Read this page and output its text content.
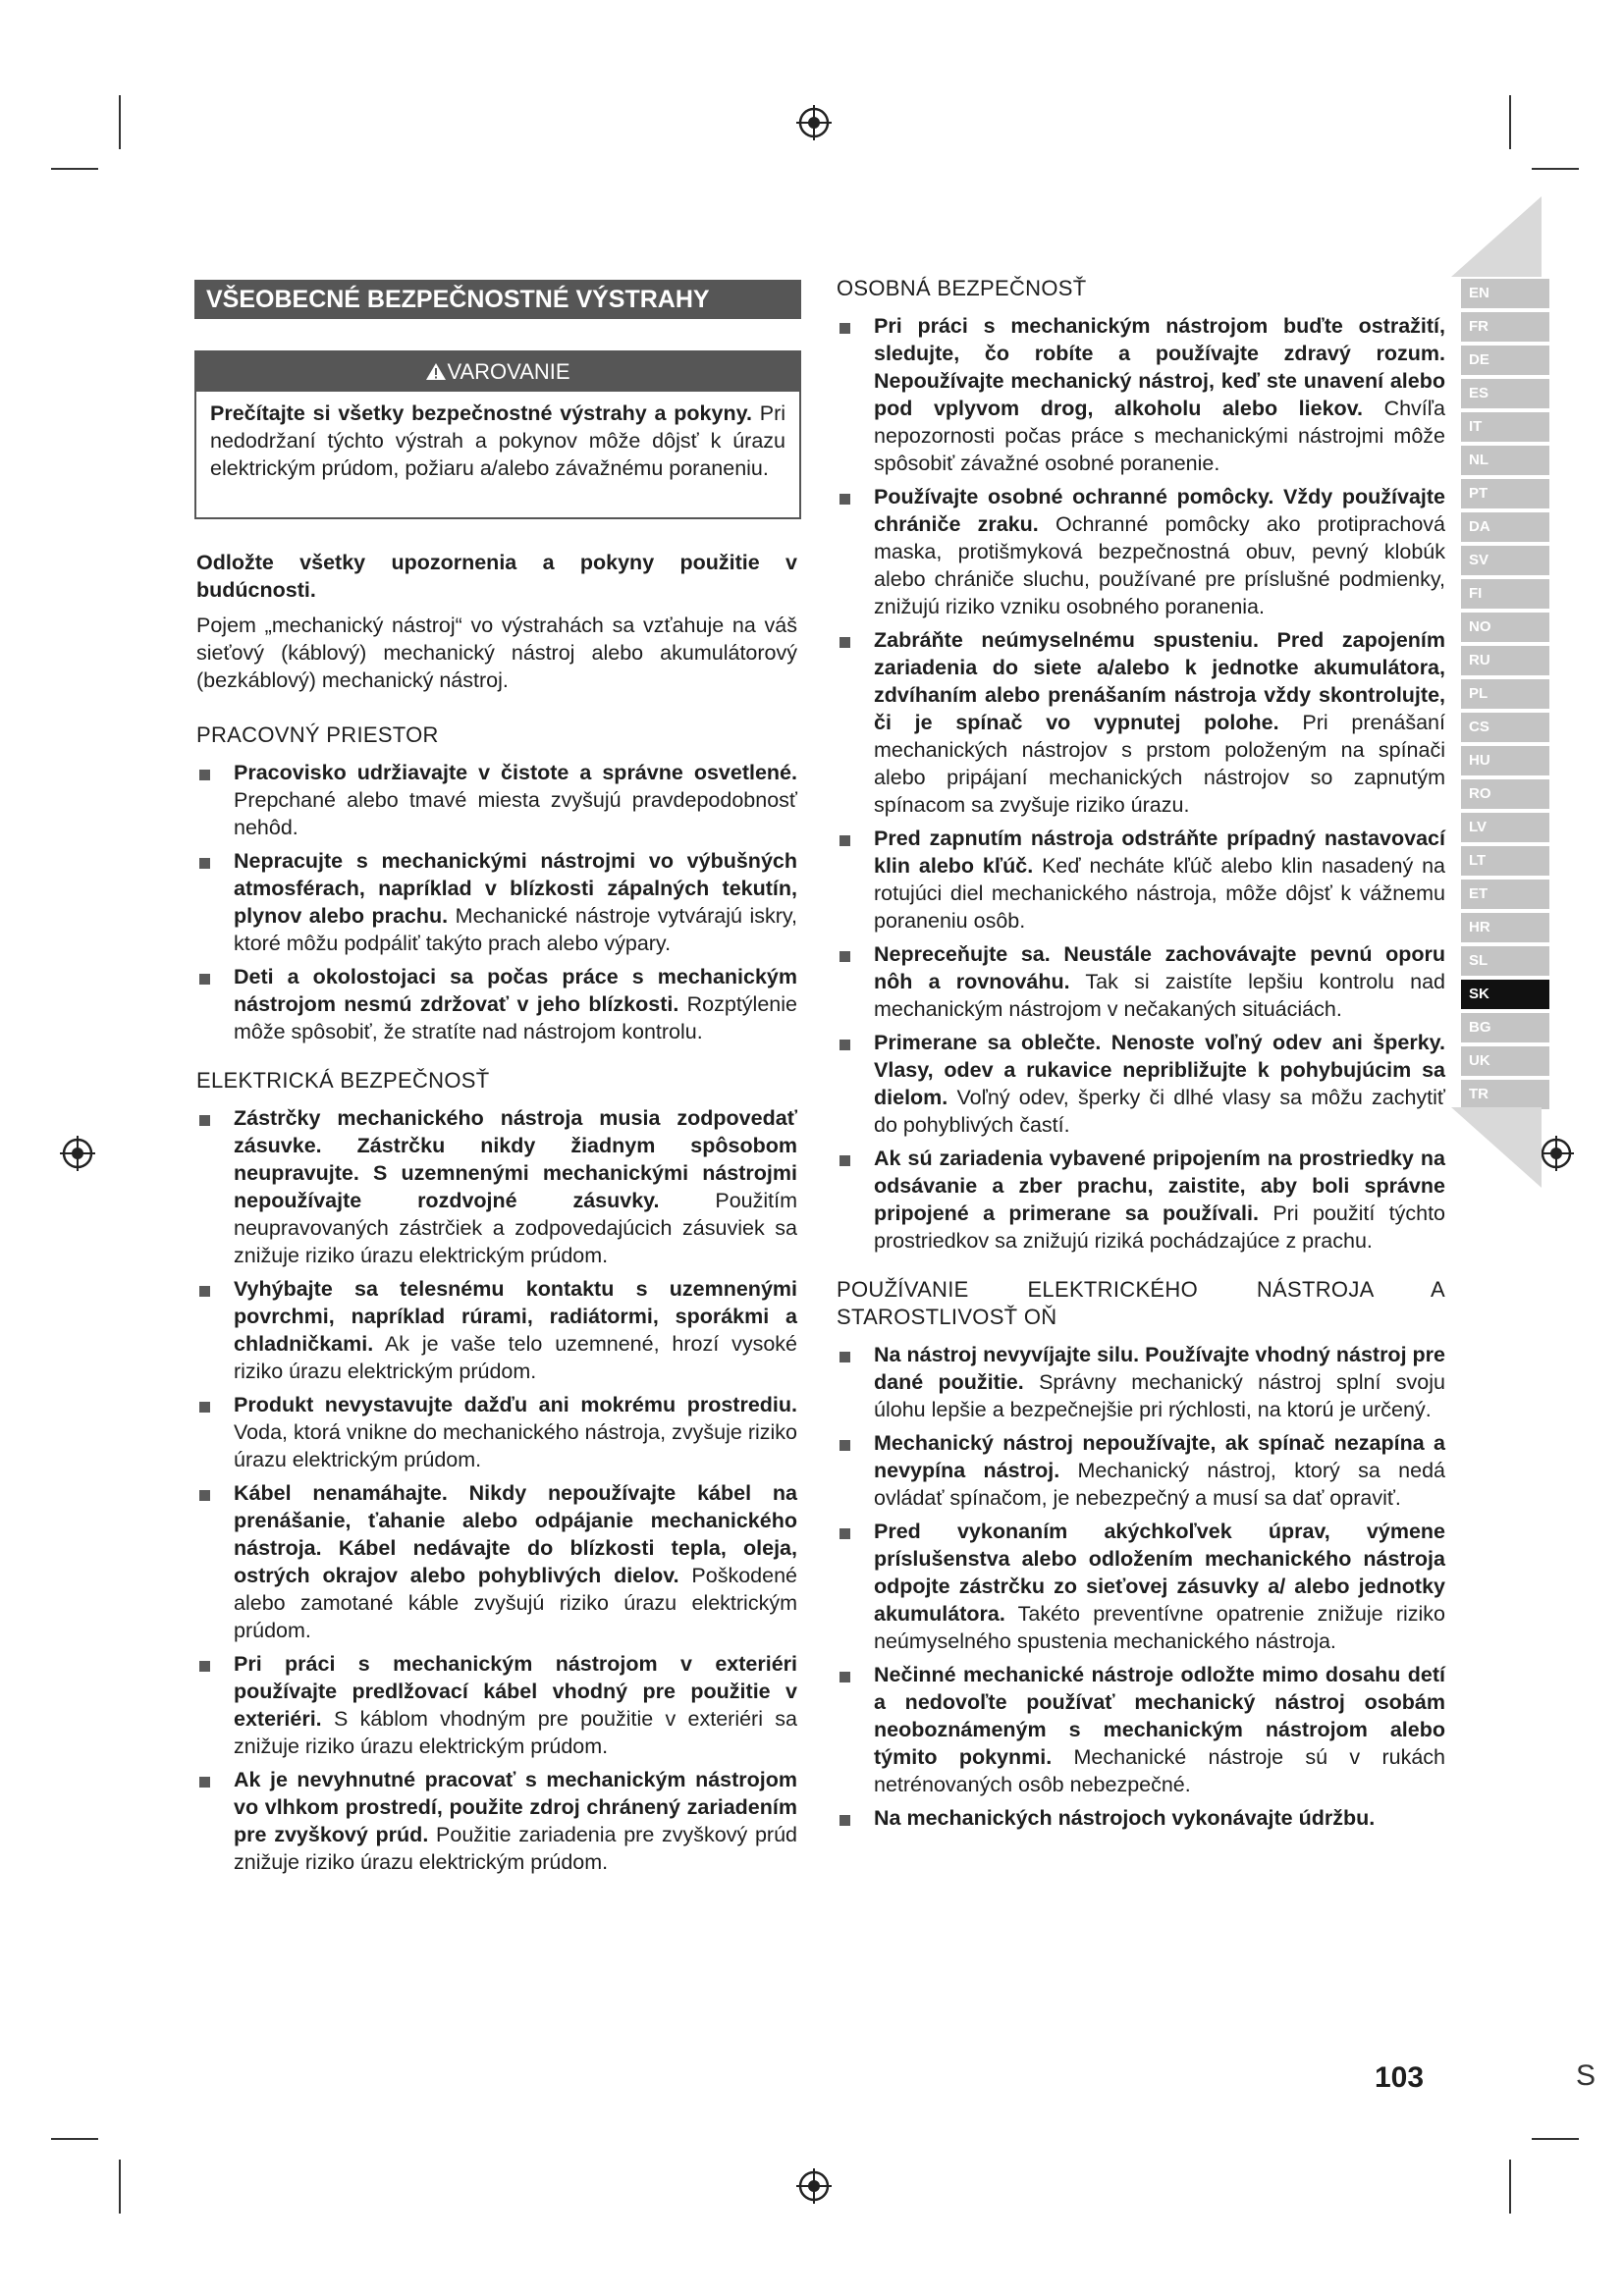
EN
FR
DE
ES
IT
NL
PT
DA
SV
FI
NO
RU
PL
CS
HU
RO
LV
LT
ET
HR
SL
SK
BG
UK
TR
VŠEOBECNÉ BEZPEČNOSTNÉ VÝSTRAHY
VAROVANIE
Prečítajte si všetky bezpečnostné výstrahy a pokyny. Pri nedodržaní týchto výstrah a pokynov môže dôjsť k úrazu elektrickým prúdom, požiaru a/alebo závažnému poraneniu.

Odložte všetky upozornenia a pokyny použitie v budúcnosti.

Pojem „mechanický nástroj“ vo výstrahách sa vzťahuje na váš sieťový (káblový) mechanický nástroj alebo akumulátorový (bezkáblový) mechanický nástroj.

PRACOVNÝ PRIESTOR
Pracovisko udržiavajte v čistote a správne osvetlené. Prepchané alebo tmavé miesta zvyšujú pravdepodobnosť nehôd.
Nepracujte s mechanickými nástrojmi vo výbušných atmosférach, napríklad v blízkosti zápalných tekutín, plynov alebo prachu. Mechanické nástroje vytvárajú iskry, ktoré môžu podpáliť takýto prach alebo výpary.
Deti a okolostojaci sa počas práce s mechanickým nástrojom nesmú zdržovať v jeho blízkosti. Rozptýlenie môže spôsobiť, že stratíte nad nástrojom kontrolu.
ELEKTRICKÁ BEZPEČNOSŤ
Zástrčky mechanického nástroja musia zodpovedať zásuvke. Zástrčku nikdy žiadnym spôsobom neupravujte. S uzemnenými mechanickými nástrojmi nepoužívajte rozdvojné zásuvky. Použitím neupravovaných zástrčiek a zodpovedajúcich zásuviek sa znižuje riziko úrazu elektrickým prúdom.
Vyhýbajte sa telesnému kontaktu s uzemnenými povrchmi, napríklad rúrami, radiátormi, sporákmi a chladničkami. Ak je vaše telo uzemnené, hrozí vysoké riziko úrazu elektrickým prúdom.
Produkt nevystavujte dažďu ani mokrému prostrediu. Voda, ktorá vnikne do mechanického nástroja, zvyšuje riziko úrazu elektrickým prúdom.
Kábel nenamáhajte. Nikdy nepoužívajte kábel na prenášanie, ťahanie alebo odpájanie mechanického nástroja. Kábel nedávajte do blízkosti tepla, oleja, ostrých okrajov alebo pohyblivých dielov. Poškodené alebo zamotané káble zvyšujú riziko úrazu elektrickým prúdom.
Pri práci s mechanickým nástrojom v exteriéri používajte predlžovací kábel vhodný pre použitie v exteriéri. S káblom vhodným pre použitie v exteriéri sa znižuje riziko úrazu elektrickým prúdom.
Ak je nevyhnutné pracovať s mechanickým nástrojom vo vlhkom prostredí, použite zdroj chránený zariadením pre zvyškový prúd. Použitie zariadenia pre zvyškový prúd znižuje riziko úrazu elektrickým prúdom.
OSOBNÁ BEZPEČNOSŤ
Pri práci s mechanickým nástrojom buďte ostražití, sledujte, čo robíte a používajte zdravý rozum. Nepoužívajte mechanický nástroj, keď ste unavení alebo pod vplyvom drog, alkoholu alebo liekov. Chvíľa nepozornosti počas práce s mechanickými nástrojmi môže spôsobiť závažné osobné poranenie.
Používajte osobné ochranné pomôcky. Vždy používajte chrániče zraku. Ochranné pomôcky ako protiprachová maska, protišmyková bezpečnostná obuv, pevný klobúk alebo chrániče sluchu, používané pre príslušné podmienky, znižujú riziko vzniku osobného poranenia.
Zabráňte neúmyselnému spusteniu. Pred zapojením zariadenia do siete a/alebo k jednotke akumulátora, zdvíhaním alebo prenášaním nástroja vždy skontrolujte, či je spínač vo vypnutej polohe. Pri prenášaní mechanických nástrojov s prstom položeným na spínači alebo pripájaní mechanických nástrojov so zapnutým spínacom sa zvyšuje riziko úrazu.
Pred zapnutím nástroja odstráňte prípadný nastavovací klin alebo kľúč. Keď necháte kľúč alebo klin nasadený na rotujúci diel mechanického nástroja, môže dôjsť k vážnemu poraneniu osôb.
Nepreceňujte sa. Neustále zachovávajte pevnú oporu nôh a rovnováhu. Tak si zaistíte lepšiu kontrolu nad mechanickým nástrojom v nečakaných situáciách.
Primerane sa oblečte. Nenoste voľný odev ani šperky. Vlasy, odev a rukavice nepribližujte k pohybujúcim sa dielom. Voľný odev, šperky či dlhé vlasy sa môžu zachytiť do pohyblivých častí.
Ak sú zariadenia vybavené pripojením na prostriedky na odsávanie a zber prachu, zaistite, aby boli správne pripojené a primerane sa používali. Pri použití týchto prostriedkov sa znižujú riziká pochádzajúce z prachu.
POUŽÍVANIE ELEKTRICKÉHO NÁSTROJA A STAROSTLIVOSŤ OŇ
Na nástroj nevyvíjajte silu. Používajte vhodný nástroj pre dané použitie. Správny mechanický nástroj splní svoju úlohu lepšie a bezpečnejšie pri rýchlosti, na ktorú je určený.
Mechanický nástroj nepoužívajte, ak spínač nezapína a nevypína nástroj. Mechanický nástroj, ktorý sa nedá ovládať spínačom, je nebezpečný a musí sa dať opraviť.
Pred vykonaním akýchkoľvek úprav, výmene príslušenstva alebo odložením mechanického nástroja odpojte zástrčku zo sieťovej zásuvky a/ alebo jednotky akumulátora. Takéto preventívne opatrenie znižuje riziko neúmyselného spustenia mechanického nástroja.
Nečinné mechanické nástroje odložte mimo dosahu detí a nedovoľte používať mechanický nástroj osobám neoboznámeným s mechanickým nástrojom alebo týmito pokynmi. Mechanické nástroje sú v rukách netrénovaných osôb nebezpečné.
Na mechanických nástrojoch vykonávajte údržbu.
103	S
